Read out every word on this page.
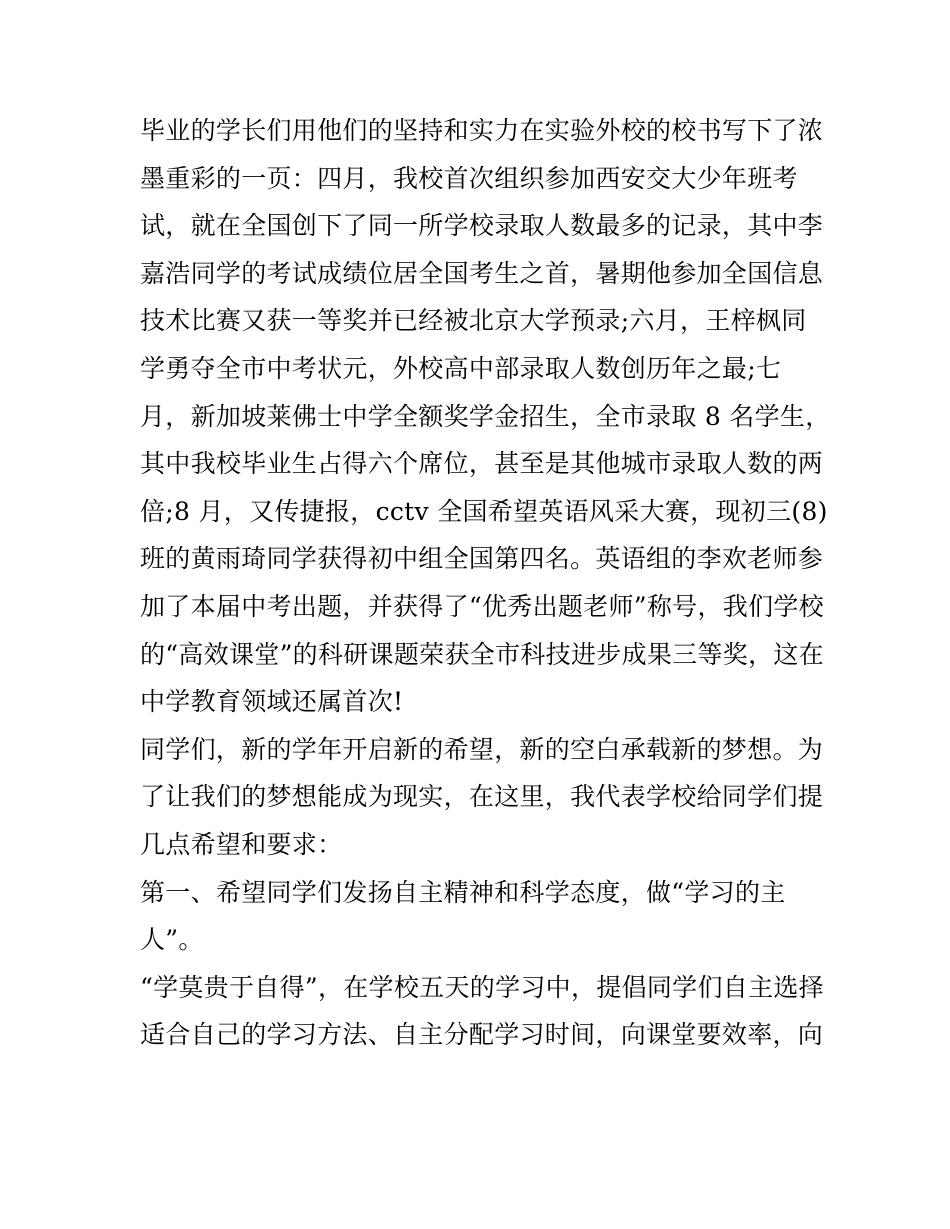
毕业的学长们用他们的坚持和实力在实验外校的校书写下了浓
墨重彩的一页：四月，我校首次组织参加西安交大少年班考
试，就在全国创下了同一所学校录取人数最多的记录，其中李
嘉浩同学的考试成绩位居全国考生之首，暑期他参加全国信息
技术比赛又获一等奖并已经被北京大学预录;六月，王梓枫同
学勇夺全市中考状元，外校高中部录取人数创历年之最;七
月，新加坡莱佛士中学全额奖学金招生，全市录取 8 名学生，
其中我校毕业生占得六个席位，甚至是其他城市录取人数的两
倍;8 月，又传捷报，cctv 全国希望英语风采大赛，现初三(8)
班的黄雨琦同学获得初中组全国第四名。英语组的李欢老师参
加了本届中考出题，并获得了“优秀出题老师”称号，我们学校
的“高效课堂”的科研课题荣获全市科技进步成果三等奖，这在
中学教育领域还属首次!
同学们，新的学年开启新的希望，新的空白承载新的梦想。为
了让我们的梦想能成为现实，在这里，我代表学校给同学们提
几点希望和要求：
第一、希望同学们发扬自主精神和科学态度，做“学习的主
人”。
“学莫贵于自得”，在学校五天的学习中，提倡同学们自主选择
适合自己的学习方法、自主分配学习时间，向课堂要效率，向
